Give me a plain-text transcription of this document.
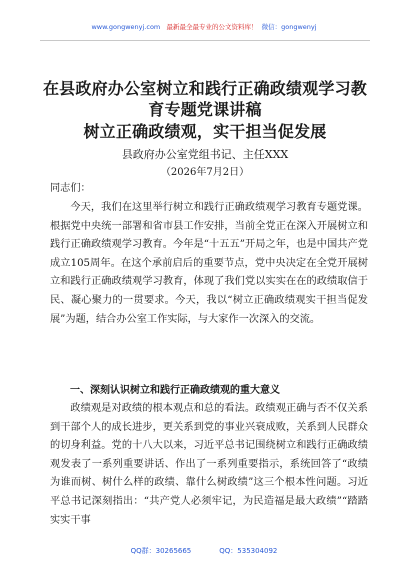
www.gongwenyj.com 最新最全最专业的公文资料库！ 微信：gongwenyj
在县政府办公室树立和践行正确政绩观学习教
育专题党课讲稿
树立正确政绩观，实干担当促发展
县政府办公室党组书记、主任XXX
（2026年7月2日）
同志们：
今天，我们在这里举行树立和践行正确政绩观学习教育专题党课。根据党中央统一部署和省市县工作安排，当前全党正在深入开展树立和践行正确政绩观学习教育。今年是“十五五”开局之年，也是中国共产党成立105周年。在这个承前启后的重要节点，党中央决定在全党开展树立和践行正确政绩观学习教育，体现了我们党以实实在在的政绩取信于民、凝心聚力的一贯要求。今天，我以“树立正确政绩观实干担当促发展”为题，结合办公室工作实际，与大家作一次深入的交流。
一、深刻认识树立和践行正确政绩观的重大意义
政绩观是对政绩的根本观点和总的看法。政绩观正确与否不仅关系到干部个人的成长进步，更关系到党的事业兴衰成败，关系到人民群众的切身利益。党的十八大以来，习近平总书记围绕树立和践行正确政绩观发表了一系列重要讲话、作出了一系列重要指示，系统回答了“政绩为谁而树、树什么样的政绩、靠什么树政绩”这三个根本性问题。习近平总书记深刻指出：“共产党人必须牢记，为民造福是最大政绩”“踏踏实实干事
QQ群：30265665	QQ：535304092
